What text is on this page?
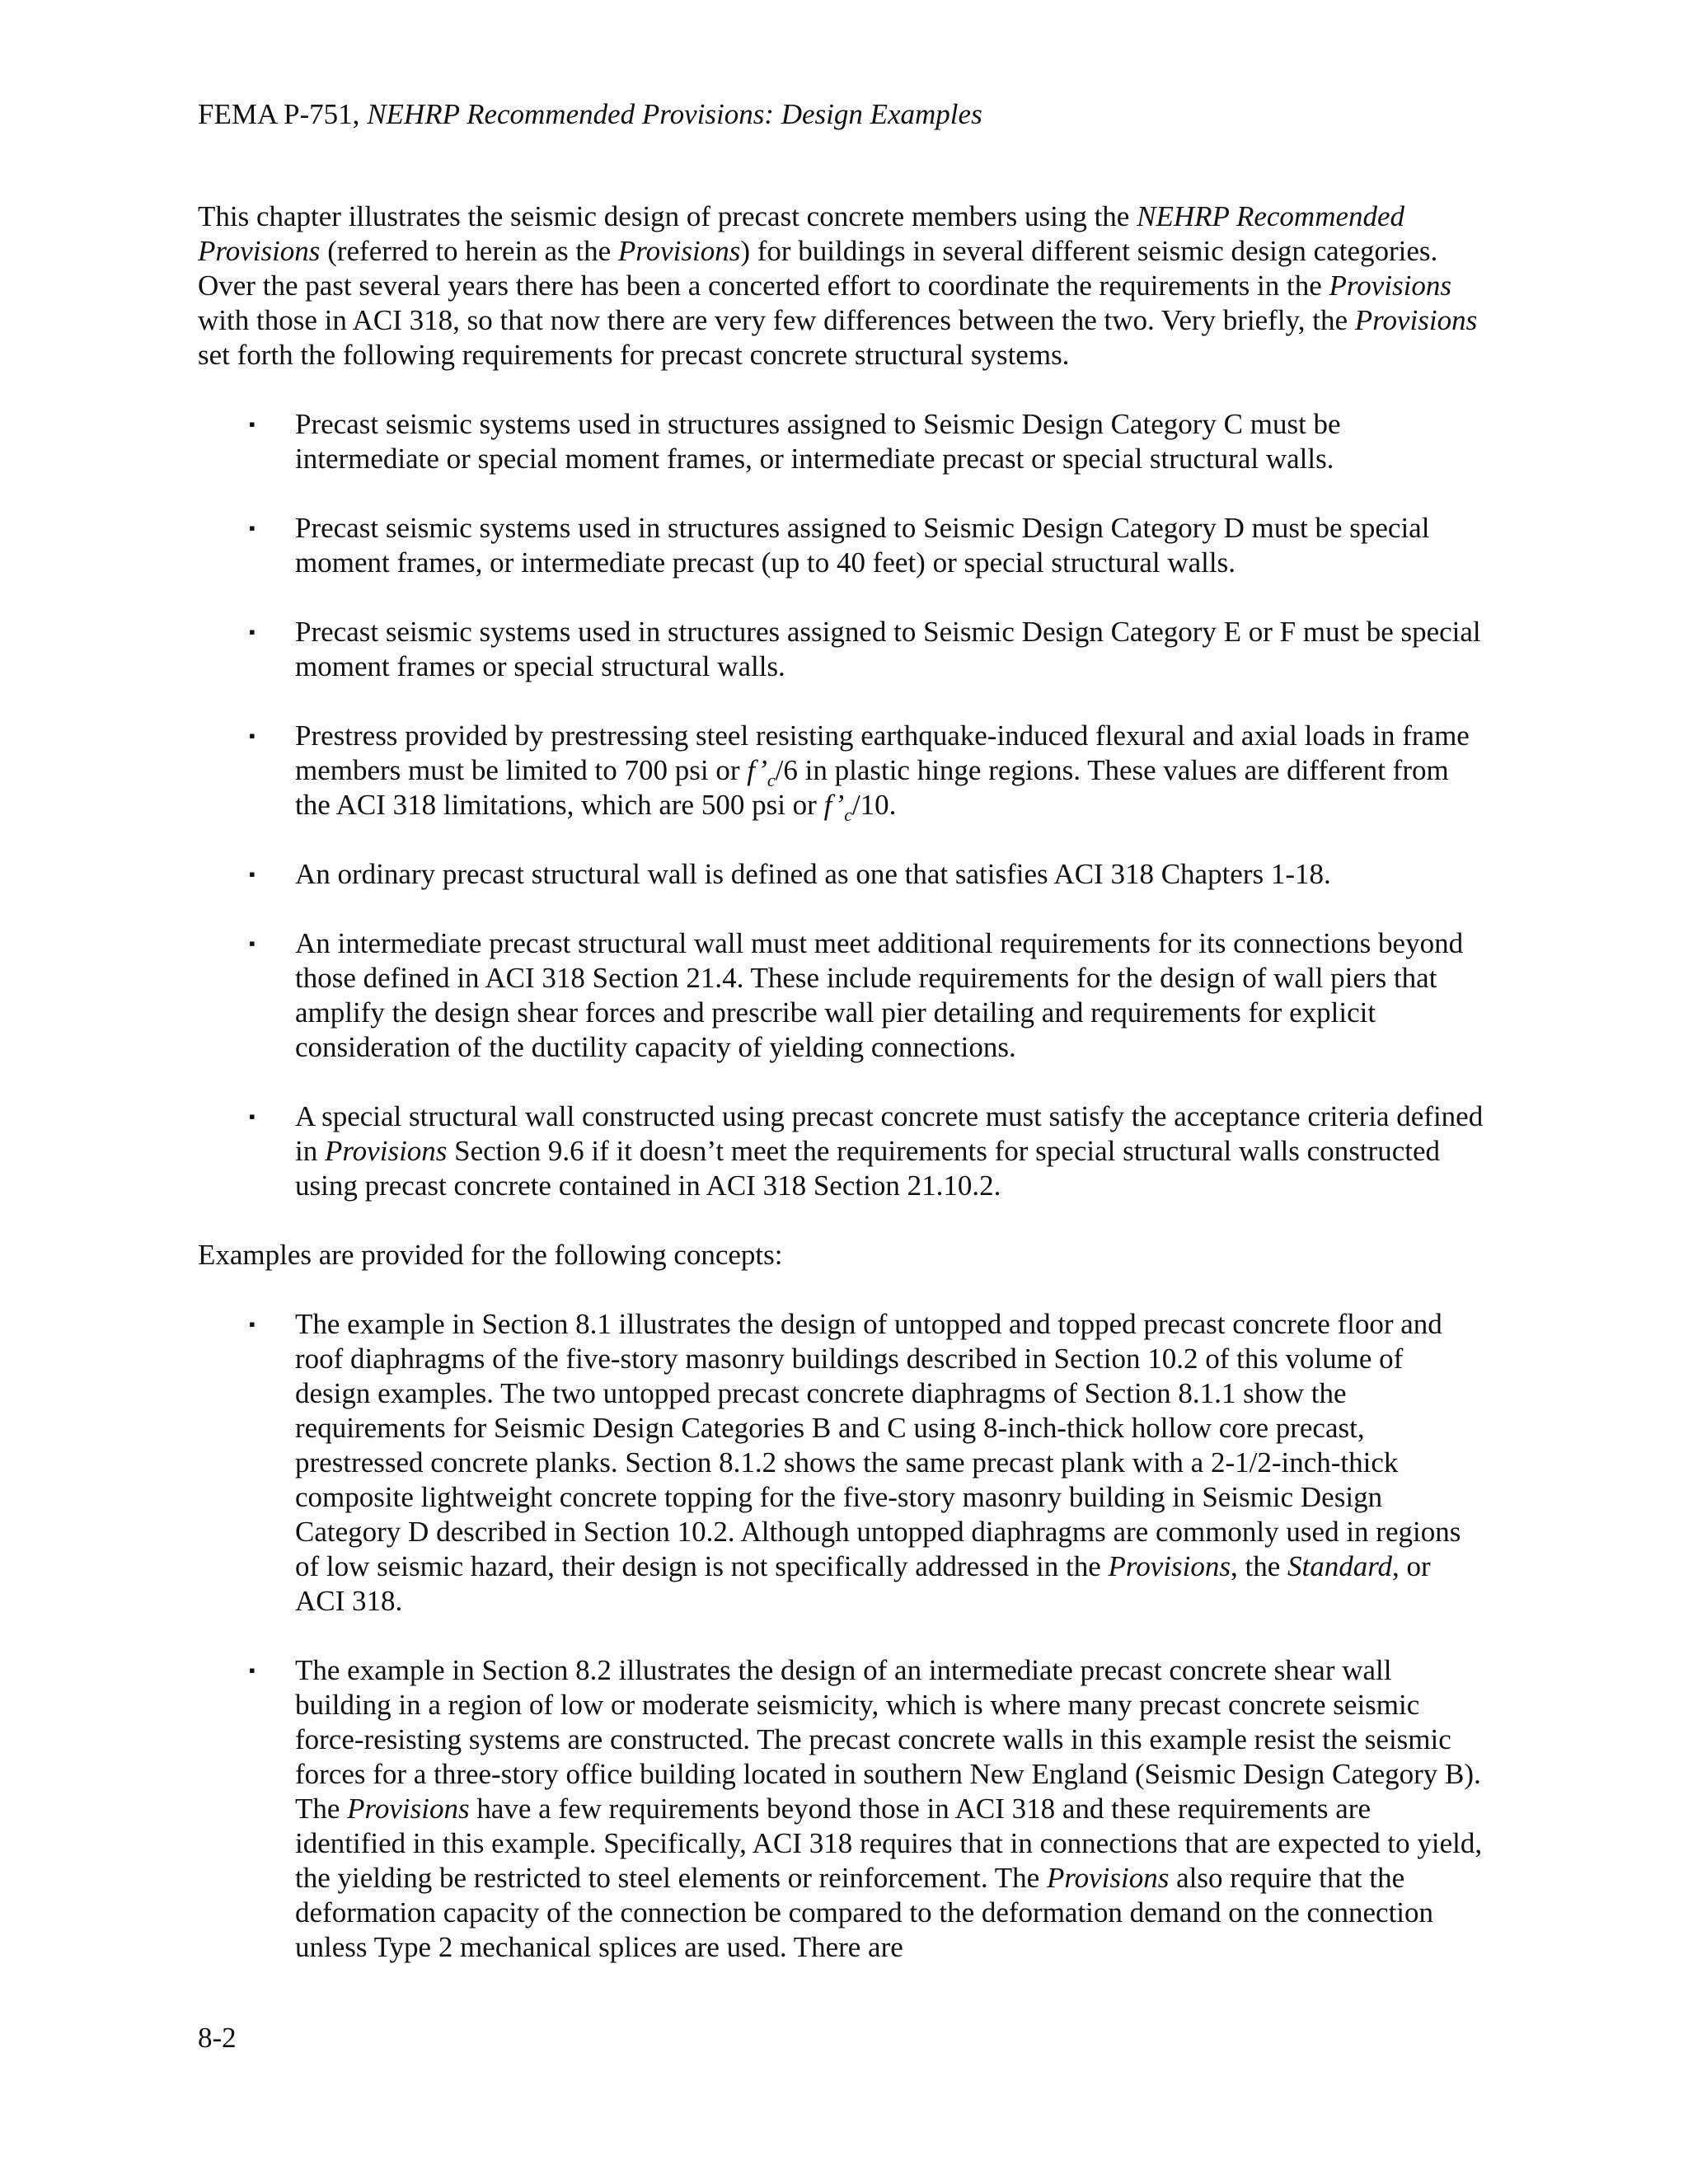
FEMA P-751, NEHRP Recommended Provisions: Design Examples

This chapter illustrates the seismic design of precast concrete members using the NEHRP Recommended Provisions (referred to herein as the Provisions) for buildings in several different seismic design categories. Over the past several years there has been a concerted effort to coordinate the requirements in the Provisions with those in ACI 318, so that now there are very few differences between the two. Very briefly, the Provisions set forth the following requirements for precast concrete structural systems.

▪ Precast seismic systems used in structures assigned to Seismic Design Category C must be intermediate or special moment frames, or intermediate precast or special structural walls.
▪ Precast seismic systems used in structures assigned to Seismic Design Category D must be special moment frames, or intermediate precast (up to 40 feet) or special structural walls.
▪ Precast seismic systems used in structures assigned to Seismic Design Category E or F must be special moment frames or special structural walls.
▪ Prestress provided by prestressing steel resisting earthquake-induced flexural and axial loads in frame members must be limited to 700 psi or $f’_c/6$ in plastic hinge regions. These values are different from the ACI 318 limitations, which are 500 psi or $f’_c/10$.
▪ An ordinary precast structural wall is defined as one that satisfies ACI 318 Chapters 1-18.
▪ An intermediate precast structural wall must meet additional requirements for its connections beyond those defined in ACI 318 Section 21.4. These include requirements for the design of wall piers that amplify the design shear forces and prescribe wall pier detailing and requirements for explicit consideration of the ductility capacity of yielding connections.
▪ A special structural wall constructed using precast concrete must satisfy the acceptance criteria defined in Provisions Section 9.6 if it doesn’t meet the requirements for special structural walls constructed using precast concrete contained in ACI 318 Section 21.10.2.

Examples are provided for the following concepts:

▪ The example in Section 8.1 illustrates the design of untopped and topped precast concrete floor and roof diaphragms of the five-story masonry buildings described in Section 10.2 of this volume of design examples. The two untopped precast concrete diaphragms of Section 8.1.1 show the requirements for Seismic Design Categories B and C using 8-inch-thick hollow core precast, prestressed concrete planks. Section 8.1.2 shows the same precast plank with a 2-1/2-inch-thick composite lightweight concrete topping for the five-story masonry building in Seismic Design Category D described in Section 10.2. Although untopped diaphragms are commonly used in regions of low seismic hazard, their design is not specifically addressed in the Provisions, the Standard, or ACI 318.
▪ The example in Section 8.2 illustrates the design of an intermediate precast concrete shear wall building in a region of low or moderate seismicity, which is where many precast concrete seismic force-resisting systems are constructed. The precast concrete walls in this example resist the seismic forces for a three-story office building located in southern New England (Seismic Design Category B). The Provisions have a few requirements beyond those in ACI 318 and these requirements are identified in this example. Specifically, ACI 318 requires that in connections that are expected to yield, the yielding be restricted to steel elements or reinforcement. The Provisions also require that the deformation capacity of the connection be compared to the deformation demand on the connection unless Type 2 mechanical splices are used. There are
8-2
